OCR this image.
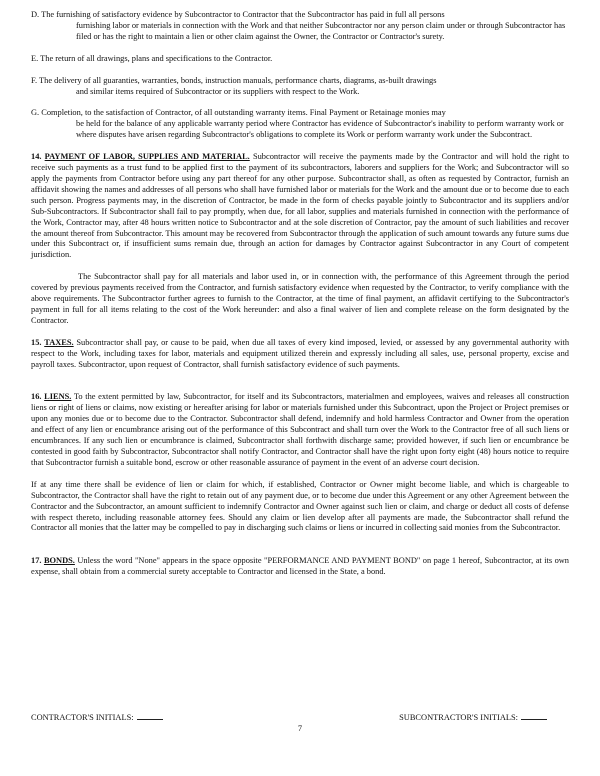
D. The furnishing of satisfactory evidence by Subcontractor to Contractor that the Subcontractor has paid in full all persons
furnishing labor or materials in connection with the Work and that neither Subcontractor nor any person claim under or through Subcontractor has filed or has the right to maintain a lien or other claim against the Owner, the Contractor or Contractor's surety.
E. The return of all drawings, plans and specifications to the Contractor.
F. The delivery of all guaranties, warranties, bonds, instruction manuals, performance charts, diagrams, as-built drawings
and similar items required of Subcontractor or its suppliers with respect to the Work.
G. Completion, to the satisfaction of Contractor, of all outstanding warranty items. Final Payment or Retainage monies may
be held for the balance of any applicable warranty period where Contractor has evidence of Subcontractor's inability to perform warranty work or where disputes have arisen regarding Subcontractor's obligations to complete its Work or perform warranty work under the Subcontract.
14. PAYMENT OF LABOR, SUPPLIES AND MATERIAL. Subcontractor will receive the payments made by the Contractor and will hold the right to receive such payments as a trust fund to be applied first to the payment of its subcontractors, laborers and suppliers for the Work; and Subcontractor will so apply the payments from Contractor before using any part thereof for any other purpose. Subcontractor shall, as often as requested by Contractor, furnish an affidavit showing the names and addresses of all persons who shall have furnished labor or materials for the Work and the amount due or to become due to each such person. Progress payments may, in the discretion of Contractor, be made in the form of checks payable jointly to Subcontractor and its suppliers and/or Sub-Subcontractors. If Subcontractor shall fail to pay promptly, when due, for all labor, supplies and materials furnished in connection with the performance of the Work, Contractor may, after 48 hours written notice to Subcontractor and at the sole discretion of Contractor, pay the amount of such liabilities and recover the amount thereof from Subcontractor. This amount may be recovered from Subcontractor through the application of such amount towards any future sums due under this Subcontract or, if insufficient sums remain due, through an action for damages by Contractor against Subcontractor in any Court of competent jurisdiction.
The Subcontractor shall pay for all materials and labor used in, or in connection with, the performance of this Agreement through the period covered by previous payments received from the Contractor, and furnish satisfactory evidence when requested by the Contractor, to verify compliance with the above requirements. The Subcontractor further agrees to furnish to the Contractor, at the time of final payment, an affidavit certifying to the Subcontractor's payment in full for all items relating to the cost of the Work hereunder: and also a final waiver of lien and complete release on the form designated by the Contractor.
15. TAXES. Subcontractor shall pay, or cause to be paid, when due all taxes of every kind imposed, levied, or assessed by any governmental authority with respect to the Work, including taxes for labor, materials and equipment utilized therein and expressly including all sales, use, personal property, excise and payroll taxes. Subcontractor, upon request of Contractor, shall furnish satisfactory evidence of such payments.
16. LIENS. To the extent permitted by law, Subcontractor, for itself and its Subcontractors, materialmen and employees, waives and releases all construction liens or right of liens or claims, now existing or hereafter arising for labor or materials furnished under this Subcontract, upon the Project or Project premises or upon any monies due or to become due to the Contractor. Subcontractor shall defend, indemnify and hold harmless Contractor and Owner from the operation and effect of any lien or encumbrance arising out of the performance of this Subcontract and shall turn over the Work to the Contractor free of all such liens or encumbrances. If any such lien or encumbrance is claimed, Subcontractor shall forthwith discharge same; provided however, if such lien or encumbrance be contested in good faith by Subcontractor, Subcontractor shall notify Contractor, and Contractor shall have the right upon forty eight (48) hours notice to require that Subcontractor furnish a suitable bond, escrow or other reasonable assurance of payment in the event of an adverse court decision.
If at any time there shall be evidence of lien or claim for which, if established, Contractor or Owner might become liable, and which is chargeable to Subcontractor, the Contractor shall have the right to retain out of any payment due, or to become due under this Agreement or any other Agreement between the Contractor and the Subcontractor, an amount sufficient to indemnify Contractor and Owner against such lien or claim, and charge or deduct all costs of defense with respect thereto, including reasonable attorney fees. Should any claim or lien develop after all payments are made, the Subcontractor shall refund the Contractor all monies that the latter may be compelled to pay in discharging such claims or liens or incurred in collecting said monies from the Subcontractor.
17. BONDS. Unless the word "None" appears in the space opposite "PERFORMANCE AND PAYMENT BOND" on page 1 hereof, Subcontractor, at its own expense, shall obtain from a commercial surety acceptable to Contractor and licensed in the State, a bond.
CONTRACTOR'S INITIALS:	SUBCONTRACTOR'S INITIALS:
7
